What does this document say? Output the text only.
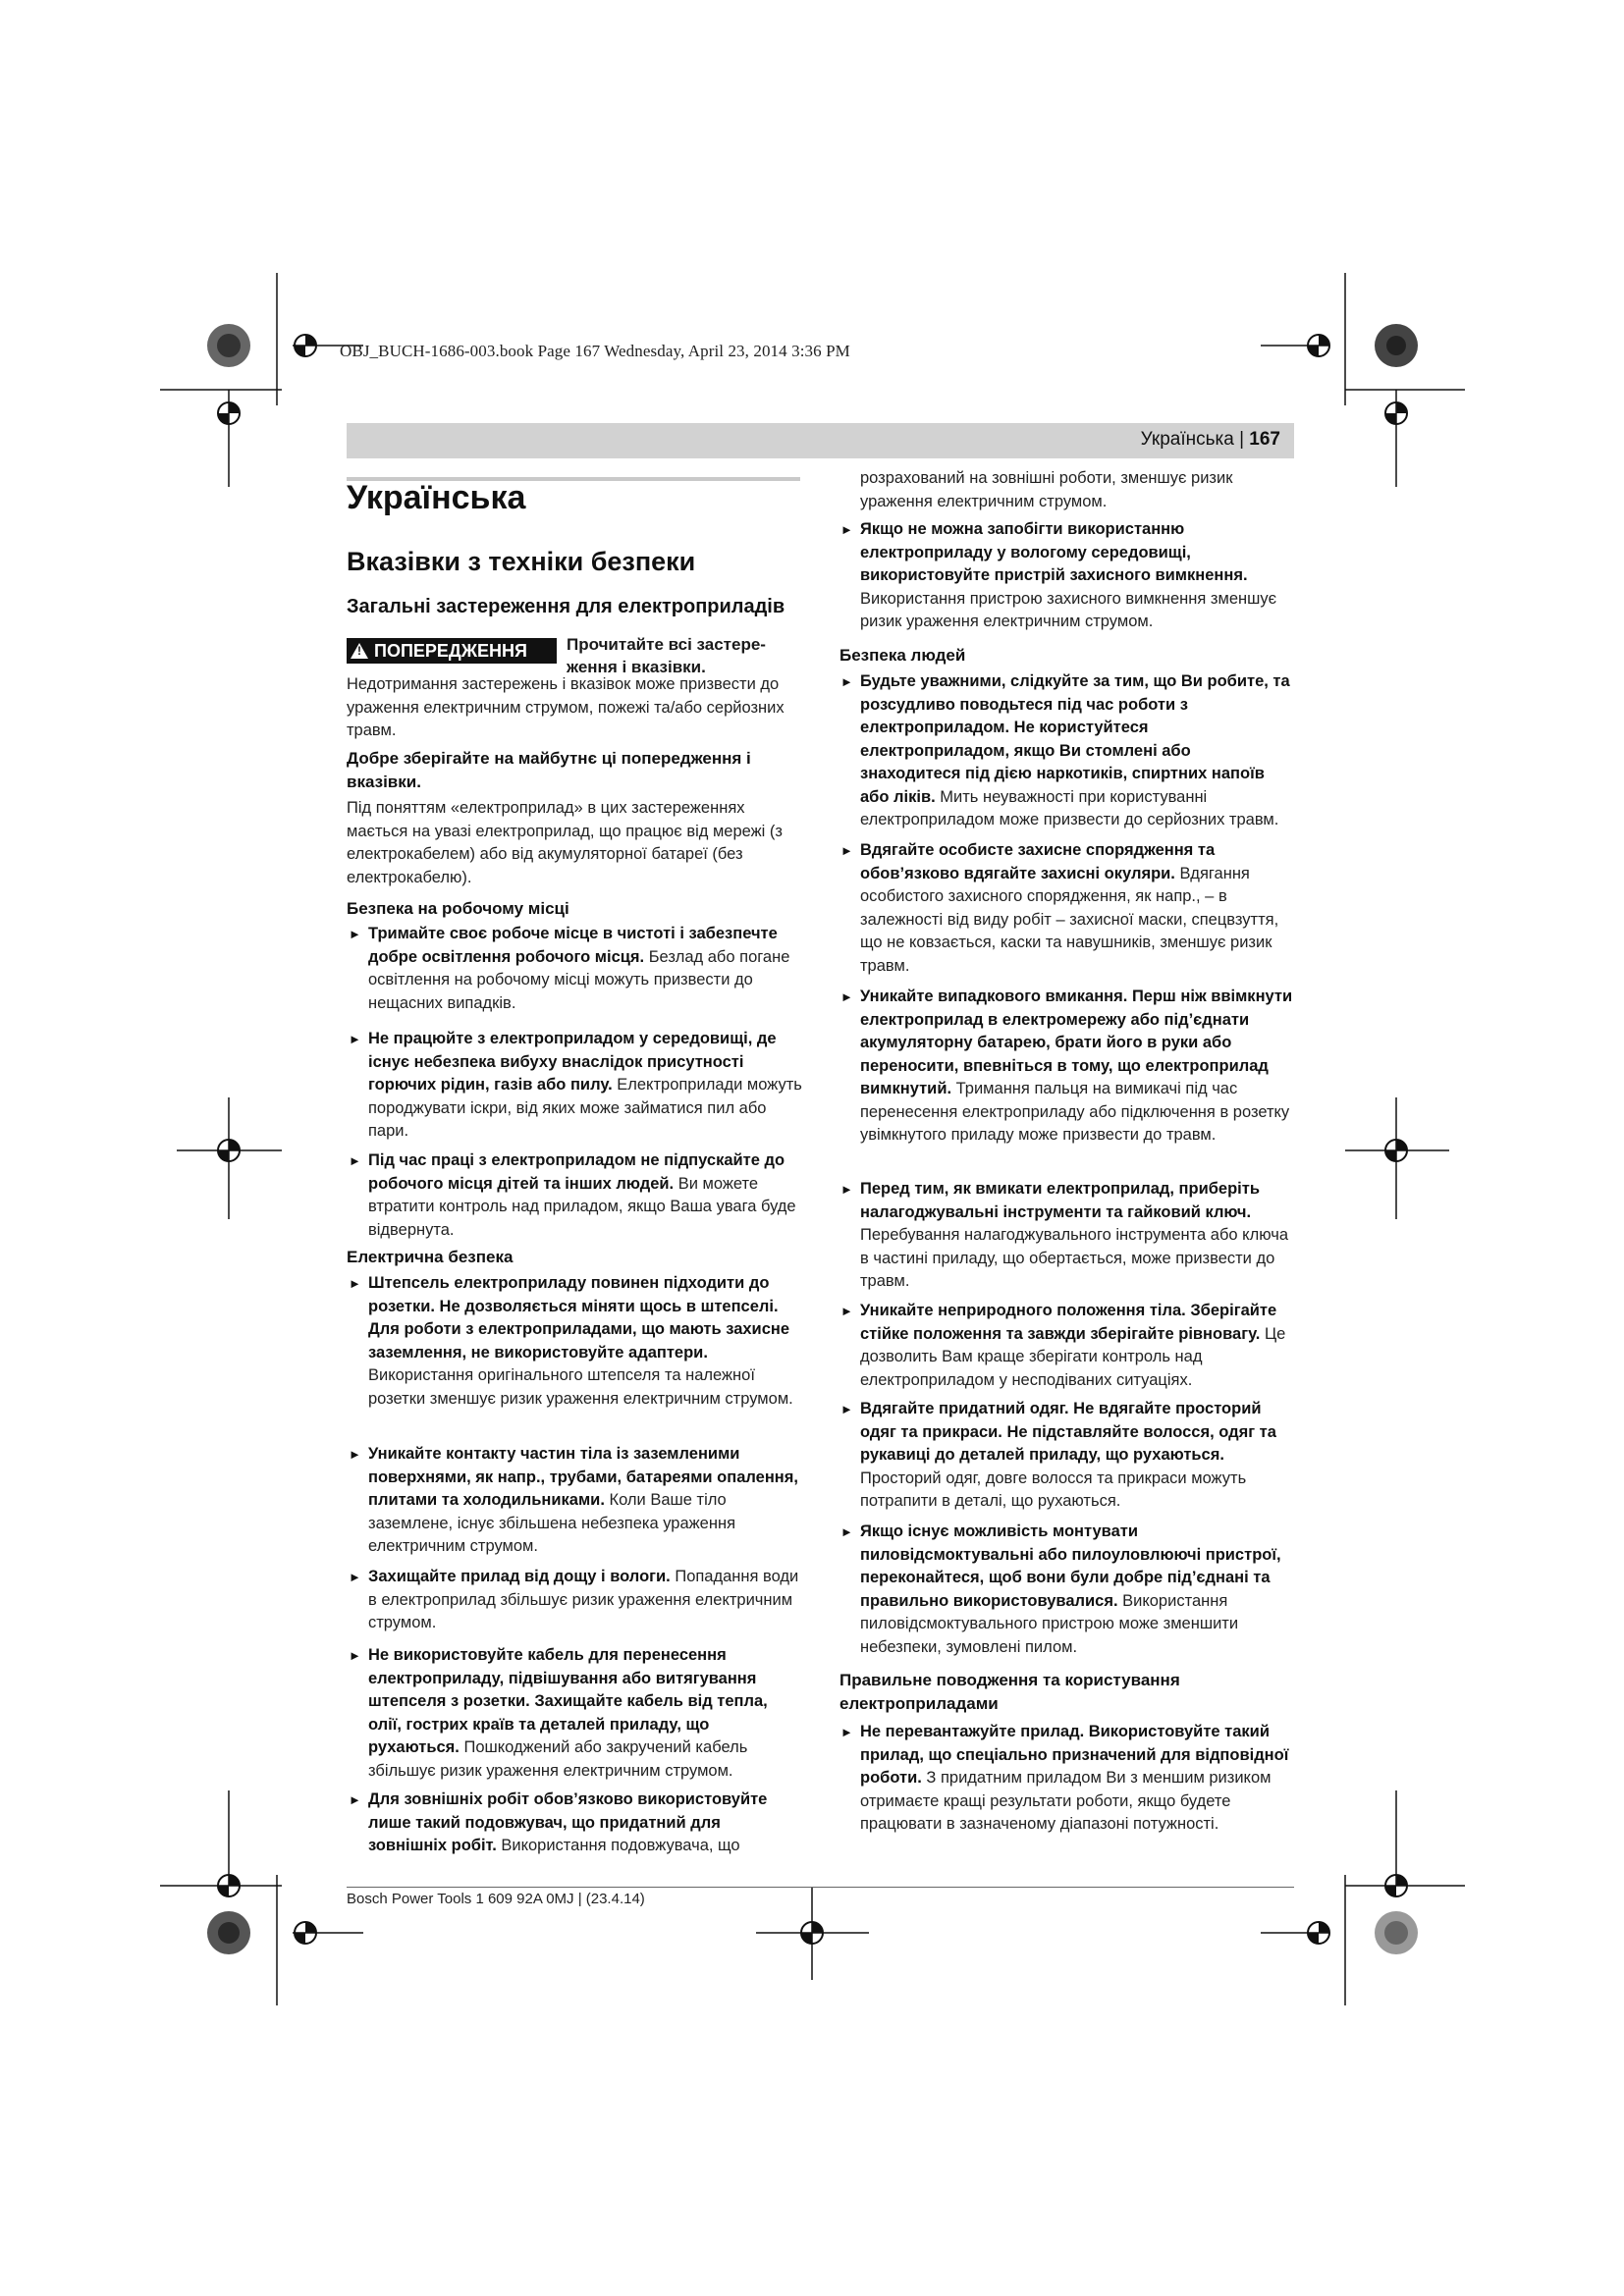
OBJ_BUCH-1686-003.book Page 167 Wednesday, April 23, 2014 3:36 PM
Українська | 167
Українська
Вказівки з техніки безпеки
Загальні застереження для електроприладів
!ПОПЕРЕДЖЕННЯ	Прочитайте всі застере-
ження і вказівки.
Недотримання застережень і вказівок може призвести до ураження електричним струмом, пожежі та/або серйозних травм.
Добре зберігайте на майбутнє ці попередження і вказівки.
Під поняттям «електроприлад» в цих застереженнях мається на увазі електроприлад, що працює від мережі (з електрокабелем) або від акумуляторної батареї (без електрокабелю).
Безпека на робочому місці
► Тримайте своє робоче місце в чистоті і забезпечте добре освітлення робочого місця. Безлад або погане освітлення на робочому місці можуть призвести до нещасних випадків.
► Не працюйте з електроприладом у середовищі, де існує небезпека вибуху внаслідок присутності горючих рідин, газів або пилу. Електроприлади можуть породжувати іскри, від яких може займатися пил або пари.
► Під час праці з електроприладом не підпускайте до робочого місця дітей та інших людей. Ви можете втратити контроль над приладом, якщо Ваша увага буде відвернута.
Електрична безпека
► Штепсель електроприладу повинен підходити до розетки. Не дозволяється міняти щось в штепселі. Для роботи з електроприладами, що мають захисне заземлення, не використовуйте адаптери. Використання оригінального штепселя та належної розетки зменшує ризик ураження електричним струмом.
► Уникайте контакту частин тіла із заземленими поверхнями, як напр., трубами, батареями опалення, плитами та холодильниками. Коли Ваше тіло заземлене, існує збільшена небезпека ураження електричним струмом.
► Захищайте прилад від дощу і вологи. Попадання води в електроприлад збільшує ризик ураження електричним струмом.
► Не використовуйте кабель для перенесення електроприладу, підвішування або витягування штепселя з розетки. Захищайте кабель від тепла, олії, гострих країв та деталей приладу, що рухаються. Пошкоджений або закручений кабель збільшує ризик ураження електричним струмом.
► Для зовнішніх робіт обов’язково використовуйте лише такий подовжувач, що придатний для зовнішніх робіт. Використання подовжувача, що
розрахований на зовнішні роботи, зменшує ризик ураження електричним струмом.
► Якщо не можна запобігти використанню електроприладу у вологому середовищі, використовуйте пристрій захисного вимкнення. Використання пристрою захисного вимкнення зменшує ризик ураження електричним струмом.
Безпека людей
► Будьте уважними, слідкуйте за тим, що Ви робите, та розсудливо поводьтеся під час роботи з електроприладом. Не користуйтеся електроприладом, якщо Ви стомлені або знаходитеся під дією наркотиків, спиртних напоїв або ліків. Мить неуважності при користуванні електроприладом може призвести до серйозних травм.
► Вдягайте особисте захисне спорядження та обов’язково вдягайте захисні окуляри. Вдягання особистого захисного спорядження, як напр., – в залежності від виду робіт – захисної маски, спецвзуття, що не ковзається, каски та навушників, зменшує ризик травм.
► Уникайте випадкового вмикання. Перш ніж ввімкнути електроприлад в електромережу або під’єднати акумуляторну батарею, брати його в руки або переносити, впевніться в тому, що електроприлад вимкнутий. Тримання пальця на вимикачі під час перенесення електроприладу або підключення в розетку увімкнутого приладу може призвести до травм.
► Перед тим, як вмикати електроприлад, приберіть налагоджувальні інструменти та гайковий ключ. Перебування налагоджувального інструмента або ключа в частині приладу, що обертається, може призвести до травм.
► Уникайте неприродного положення тіла. Зберігайте стійке положення та завжди зберігайте рівновагу. Це дозволить Вам краще зберігати контроль над електроприладом у несподіваних ситуаціях.
► Вдягайте придатний одяг. Не вдягайте просторий одяг та прикраси. Не підставляйте волосся, одяг та рукавиці до деталей приладу, що рухаються. Просторий одяг, довге волосся та прикраси можуть потрапити в деталі, що рухаються.
► Якщо існує можливість монтувати пиловідсмоктувальні або пилоуловлюючі пристрої, переконайтеся, щоб вони були добре під’єднані та правильно використовувалися. Використання пиловідсмоктувального пристрою може зменшити небезпеки, зумовлені пилом.
Правильне поводження та користування електроприладами
► Не перевантажуйте прилад. Використовуйте такий прилад, що спеціально призначений для відповідної роботи. З придатним приладом Ви з меншим ризиком отримаєте кращі результати роботи, якщо будете працювати в зазначеному діапазоні потужності.
Bosch Power Tools 1 609 92A 0MJ | (23.4.14)
